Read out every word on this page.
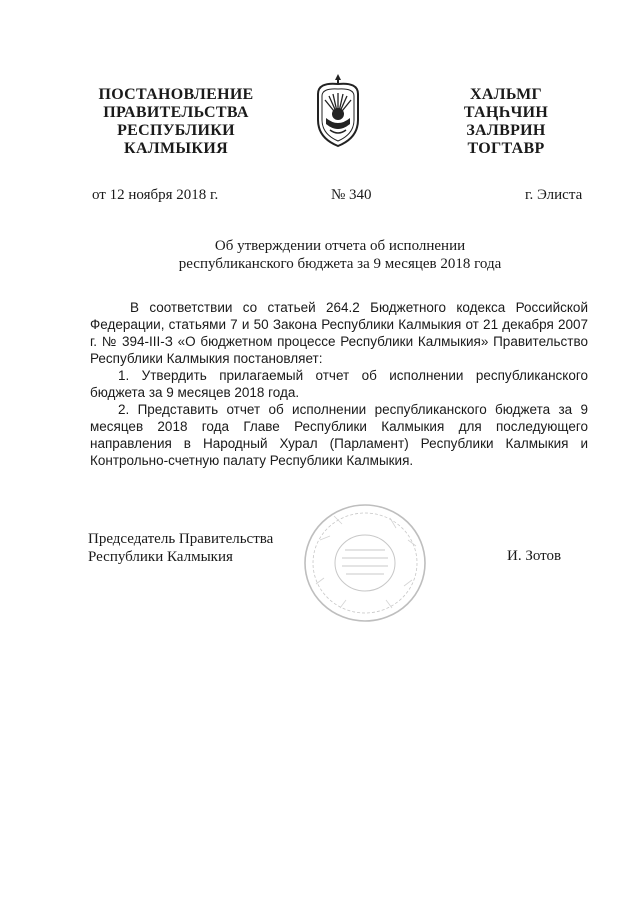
ПОСТАНОВЛЕНИЕ
ПРАВИТЕЛЬСТВА
РЕСПУБЛИКИ
КАЛМЫКИЯ
ХАЛЬМГ
ТАҢҺЧИН
ЗАЛВРИН
ТОГТАВР
от 12 ноября 2018 г.	№ 340	г. Элиста
Об утверждении отчета об исполнении
республиканского бюджета за 9 месяцев 2018 года

В соответствии со статьей 264.2 Бюджетного кодекса Российской Федерации, статьями 7 и 50 Закона Республики Калмыкия от 21 декабря 2007 г. № 394-III-З «О бюджетном процессе Республики Калмыкия» Правительство Республики Калмыкия постановляет:

1. Утвердить прилагаемый отчет об исполнении республиканского бюджета за 9 месяцев 2018 года.

2. Представить отчет об исполнении республиканского бюджета за 9 месяцев 2018 года Главе Республики Калмыкия для последующего направления в Народный Хурал (Парламент) Республики Калмыкия и Контрольно-счетную палату Республики Калмыкия.

Председатель Правительства
Республики Калмыкия	И. Зотов
